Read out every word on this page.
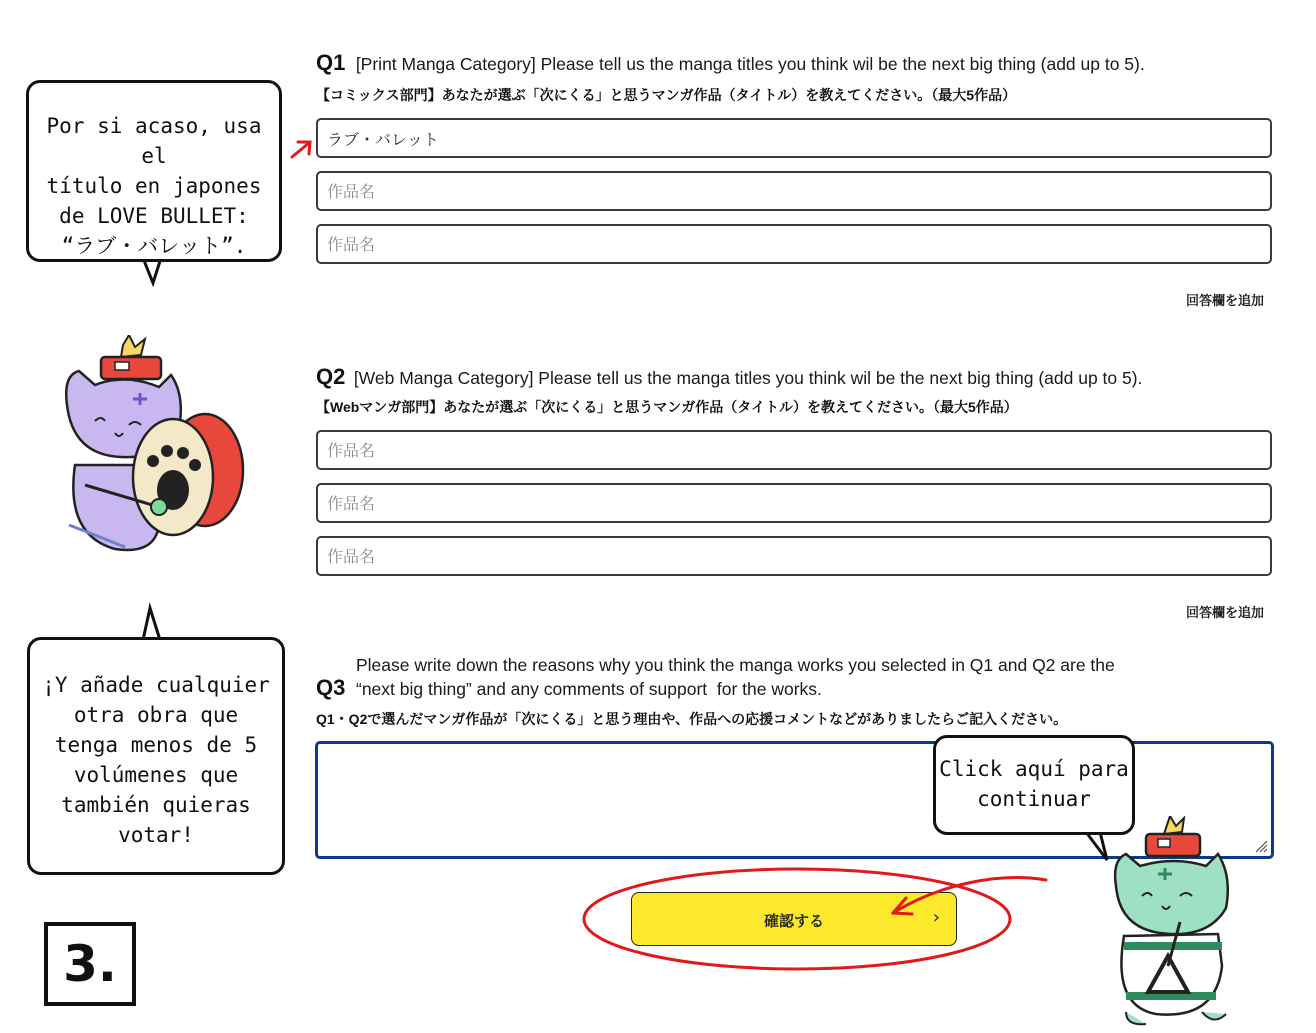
Q1 [Print Manga Category] Please tell us the manga titles you think wil be the next big thing (add up to 5).
【コミックス部門】あなたが選ぶ「次にくる」と思うマンガ作品（タイトル）を教えてください。（最大5作品）
ラブ・バレット
作品名
作品名
回答欄を追加
Q2 [Web Manga Category] Please tell us the manga titles you think wil be the next big thing (add up to 5).
【Webマンガ部門】あなたが選ぶ「次にくる」と思うマンガ作品（タイトル）を教えてください。（最大5作品）
作品名
作品名
作品名
回答欄を追加
Please write down the reasons why you think the manga works you selected in Q1 and Q2 are the
Q3 “next big thing” and any comments of support  for the works.
Q1・Q2で選んだマンガ作品が「次にくる」と思う理由や、作品への応援コメントなどがありましたらご記入ください。
確認する	›
Por si acaso, usa el
título en japones
de LOVE BULLET:
“ラブ・バレット”.
¡Y añade cualquier
otra obra que
tenga menos de 5
volúmenes que
también quieras
votar!
Click aquí para
continuar
3.
